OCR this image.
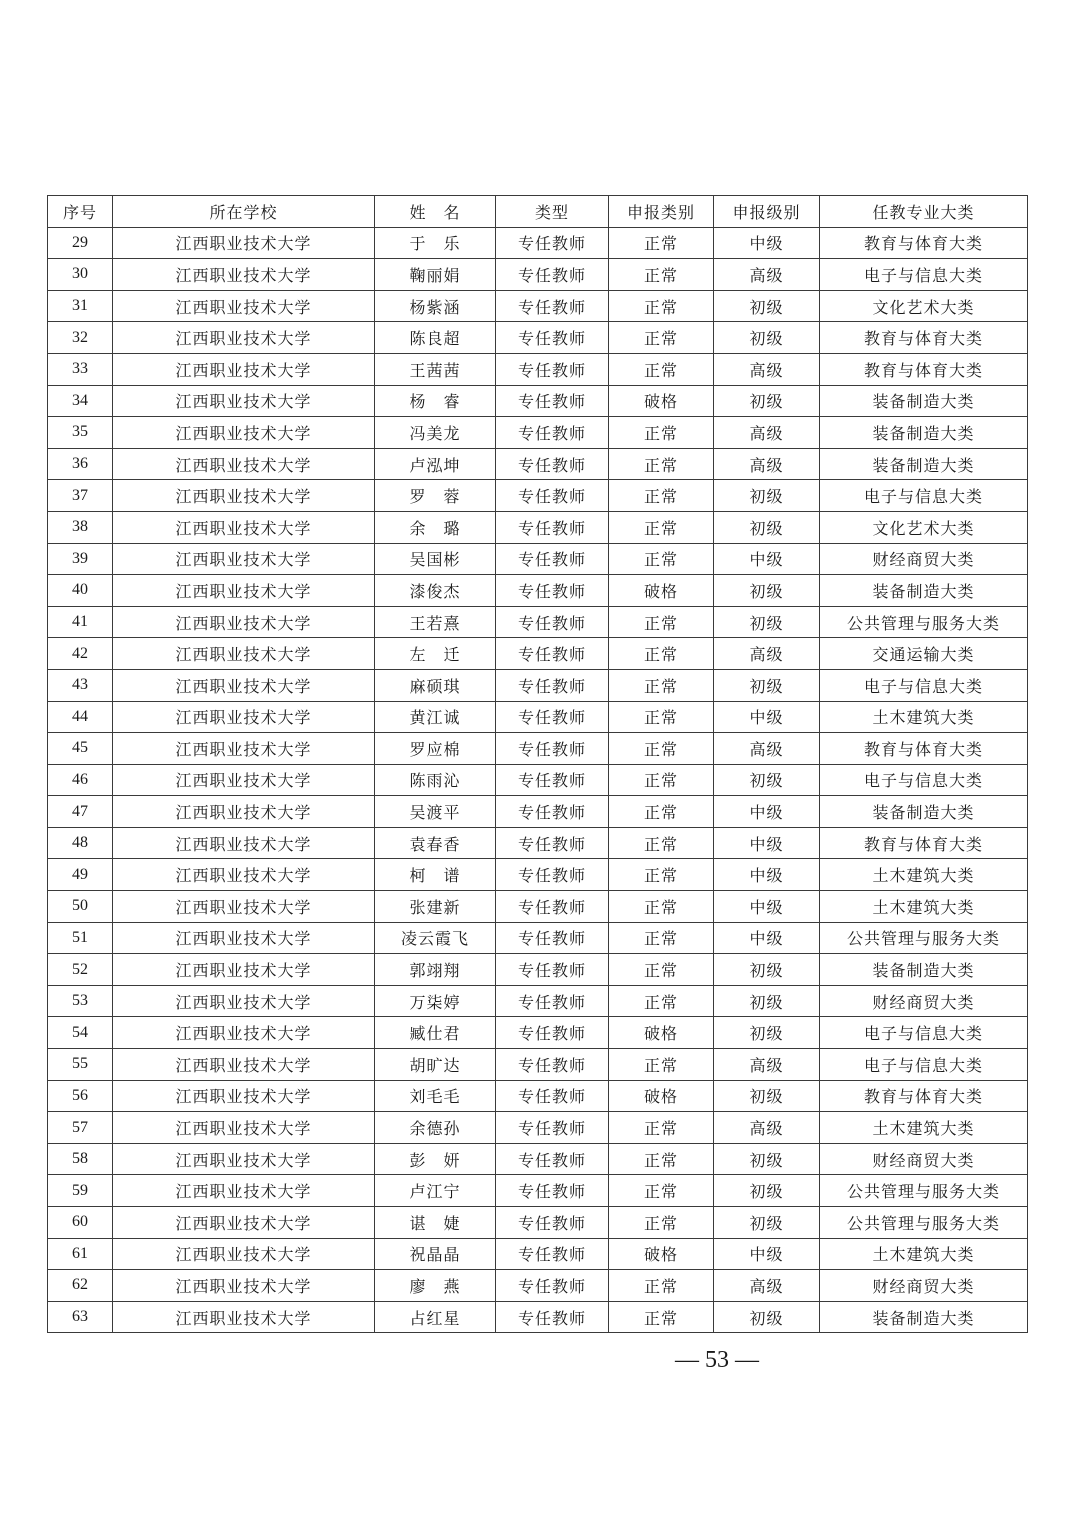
序号	所在学校	姓　名	类型	申报类别	申报级别	任教专业大类
29	江西职业技术大学	于　乐	专任教师	正常	中级	教育与体育大类
30	江西职业技术大学	鞠丽娟	专任教师	正常	高级	电子与信息大类
31	江西职业技术大学	杨紫涵	专任教师	正常	初级	文化艺术大类
32	江西职业技术大学	陈良超	专任教师	正常	初级	教育与体育大类
33	江西职业技术大学	王茜茜	专任教师	正常	高级	教育与体育大类
34	江西职业技术大学	杨　睿	专任教师	破格	初级	装备制造大类
35	江西职业技术大学	冯美龙	专任教师	正常	高级	装备制造大类
36	江西职业技术大学	卢泓坤	专任教师	正常	高级	装备制造大类
37	江西职业技术大学	罗　蓉	专任教师	正常	初级	电子与信息大类
38	江西职业技术大学	余　璐	专任教师	正常	初级	文化艺术大类
39	江西职业技术大学	吴国彬	专任教师	正常	中级	财经商贸大类
40	江西职业技术大学	漆俊杰	专任教师	破格	初级	装备制造大类
41	江西职业技术大学	王若熹	专任教师	正常	初级	公共管理与服务大类
42	江西职业技术大学	左　迁	专任教师	正常	高级	交通运输大类
43	江西职业技术大学	麻硕琪	专任教师	正常	初级	电子与信息大类
44	江西职业技术大学	黄江诚	专任教师	正常	中级	土木建筑大类
45	江西职业技术大学	罗应棉	专任教师	正常	高级	教育与体育大类
46	江西职业技术大学	陈雨沁	专任教师	正常	初级	电子与信息大类
47	江西职业技术大学	吴渡平	专任教师	正常	中级	装备制造大类
48	江西职业技术大学	袁春香	专任教师	正常	中级	教育与体育大类
49	江西职业技术大学	柯　谱	专任教师	正常	中级	土木建筑大类
50	江西职业技术大学	张建新	专任教师	正常	中级	土木建筑大类
51	江西职业技术大学	凌云霞飞	专任教师	正常	中级	公共管理与服务大类
52	江西职业技术大学	郭翊翔	专任教师	正常	初级	装备制造大类
53	江西职业技术大学	万柒婷	专任教师	正常	初级	财经商贸大类
54	江西职业技术大学	臧仕君	专任教师	破格	初级	电子与信息大类
55	江西职业技术大学	胡旷达	专任教师	正常	高级	电子与信息大类
56	江西职业技术大学	刘毛毛	专任教师	破格	初级	教育与体育大类
57	江西职业技术大学	余德孙	专任教师	正常	高级	土木建筑大类
58	江西职业技术大学	彭　妍	专任教师	正常	初级	财经商贸大类
59	江西职业技术大学	卢江宁	专任教师	正常	初级	公共管理与服务大类
60	江西职业技术大学	谌　婕	专任教师	正常	初级	公共管理与服务大类
61	江西职业技术大学	祝晶晶	专任教师	破格	中级	土木建筑大类
62	江西职业技术大学	廖　燕	专任教师	正常	高级	财经商贸大类
63	江西职业技术大学	占红星	专任教师	正常	初级	装备制造大类
— 53 —
